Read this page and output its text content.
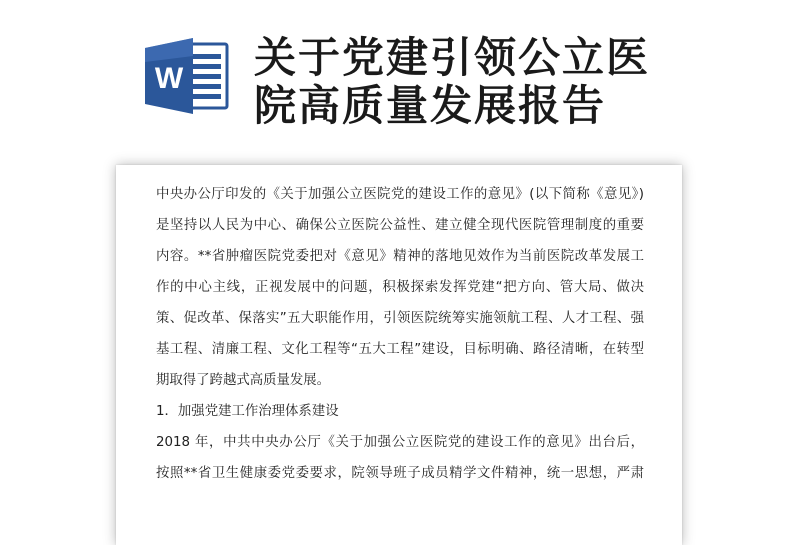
W 关于党建引领公立医
院高质量发展报告

中央办公厅印发的《关于加强公立医院党的建设工作的意见》(以下简称《意见》)

是坚持以人民为中心、确保公立医院公益性、建立健全现代医院管理制度的重要

内容。**省肿瘤医院党委把对《意见》精神的落地见效作为当前医院改革发展工

作的中心主线，正视发展中的问题，积极探索发挥党建“把方向、管大局、做决

策、促改革、保落实”五大职能作用，引领医院统筹实施领航工程、人才工程、强

基工程、清廉工程、文化工程等“五大工程”建设，目标明确、路径清晰，在转型

期取得了跨越式高质量发展。

1．加强党建工作治理体系建设

2018 年，中共中央办公厅《关于加强公立医院党的建设工作的意见》出台后，

按照**省卫生健康委党委要求，院领导班子成员精学文件精神，统一思想，严肃
